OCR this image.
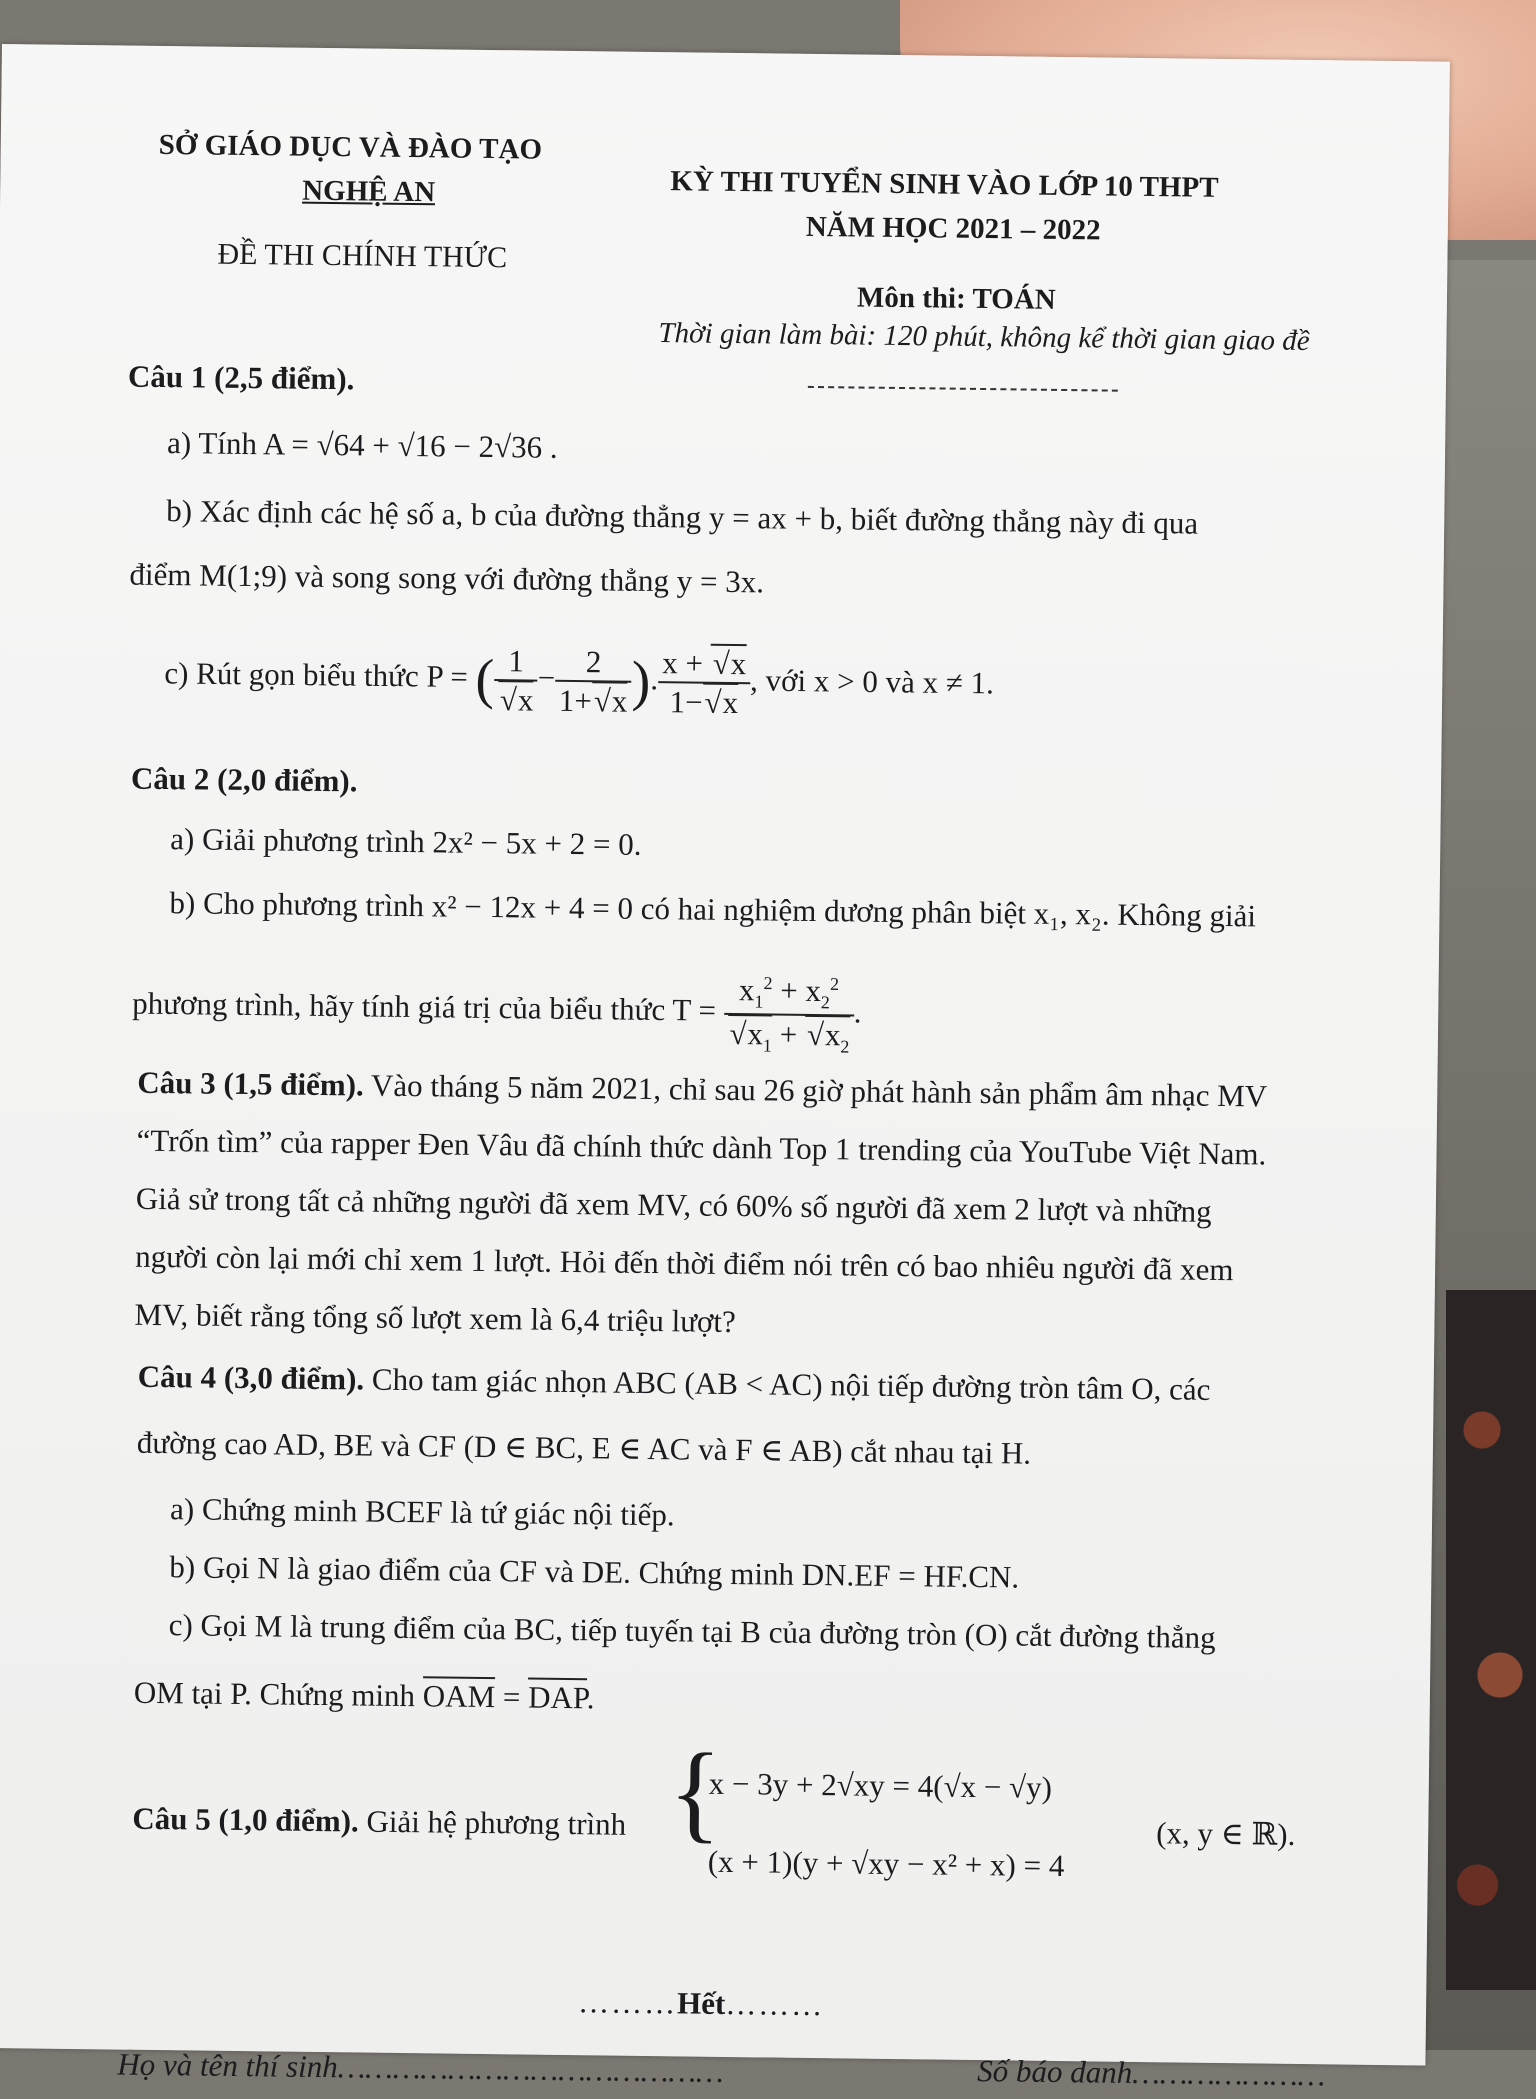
SỞ GIÁO DỤC VÀ ĐÀO TẠO
NGHỆ AN
ĐỀ THI CHÍNH THỨC
KỲ THI TUYỂN SINH VÀO LỚP 10 THPT
NĂM HỌC 2021 – 2022
Môn thi: TOÁN
Thời gian làm bài: 120 phút, không kể thời gian giao đề
Câu 1 (2,5 điểm).
a) Tính A = √64 + √16 − 2√36 .
b) Xác định các hệ số a, b của đường thẳng y = ax + b, biết đường thẳng này đi qua
điểm M(1;9) và song song với đường thẳng y = 3x.
c) Rút gọn biểu thức P = ( 1
√ $x - \frac{2}{1+ √ x}$ ). $\frac{x + √ x}{1- √ x}$ , với x > 0 và x ≠ 1.
Câu 2 (2,0 điểm).
a) Giải phương trình 2x² − 5x + 2 = 0.
b) Cho phương trình x² − 12x + 4 = 0 có hai nghiệm dương phân biệt x₁, x₂. Không giải
phương trình, hãy tính giá trị của biểu thức $T = x_1^2 + x_2^2$
√ $x_1$ + √ $x_2$ .
Câu 3 (1,5 điểm). Vào tháng 5 năm 2021, chỉ sau 26 giờ phát hành sản phẩm âm nhạc MV
“Trốn tìm” của rapper Đen Vâu đã chính thức dành Top 1 trending của YouTube Việt Nam.
Giả sử trong tất cả những người đã xem MV, có 60% số người đã xem 2 lượt và những
người còn lại mới chỉ xem 1 lượt. Hỏi đến thời điểm nói trên có bao nhiêu người đã xem
MV, biết rằng tổng số lượt xem là 6,4 triệu lượt?
Câu 4 (3,0 điểm). Cho tam giác nhọn ABC (AB < AC) nội tiếp đường tròn tâm O, các
đường cao AD, BE và CF (D ∈ BC, E ∈ AC và F ∈ AB) cắt nhau tại H.
a) Chứng minh BCEF là tứ giác nội tiếp.
b) Gọi N là giao điểm của CF và DE. Chứng minh DN.EF = HF.CN.
c) Gọi M là trung điểm của BC, tiếp tuyến tại B của đường tròn (O) cắt đường thẳng
OM tại P. Chứng minh OAM = DAP.
Câu 5 (1,0 điểm). Giải hệ phương trình {
x − 3y + 2√xy = 4(√x − √y)
(x + 1)(y + √xy − x² + x) = 4
(x, y ∈ ℝ).
………Hết………
Họ và tên thí sinh……………………………………	Số báo danh…………………
